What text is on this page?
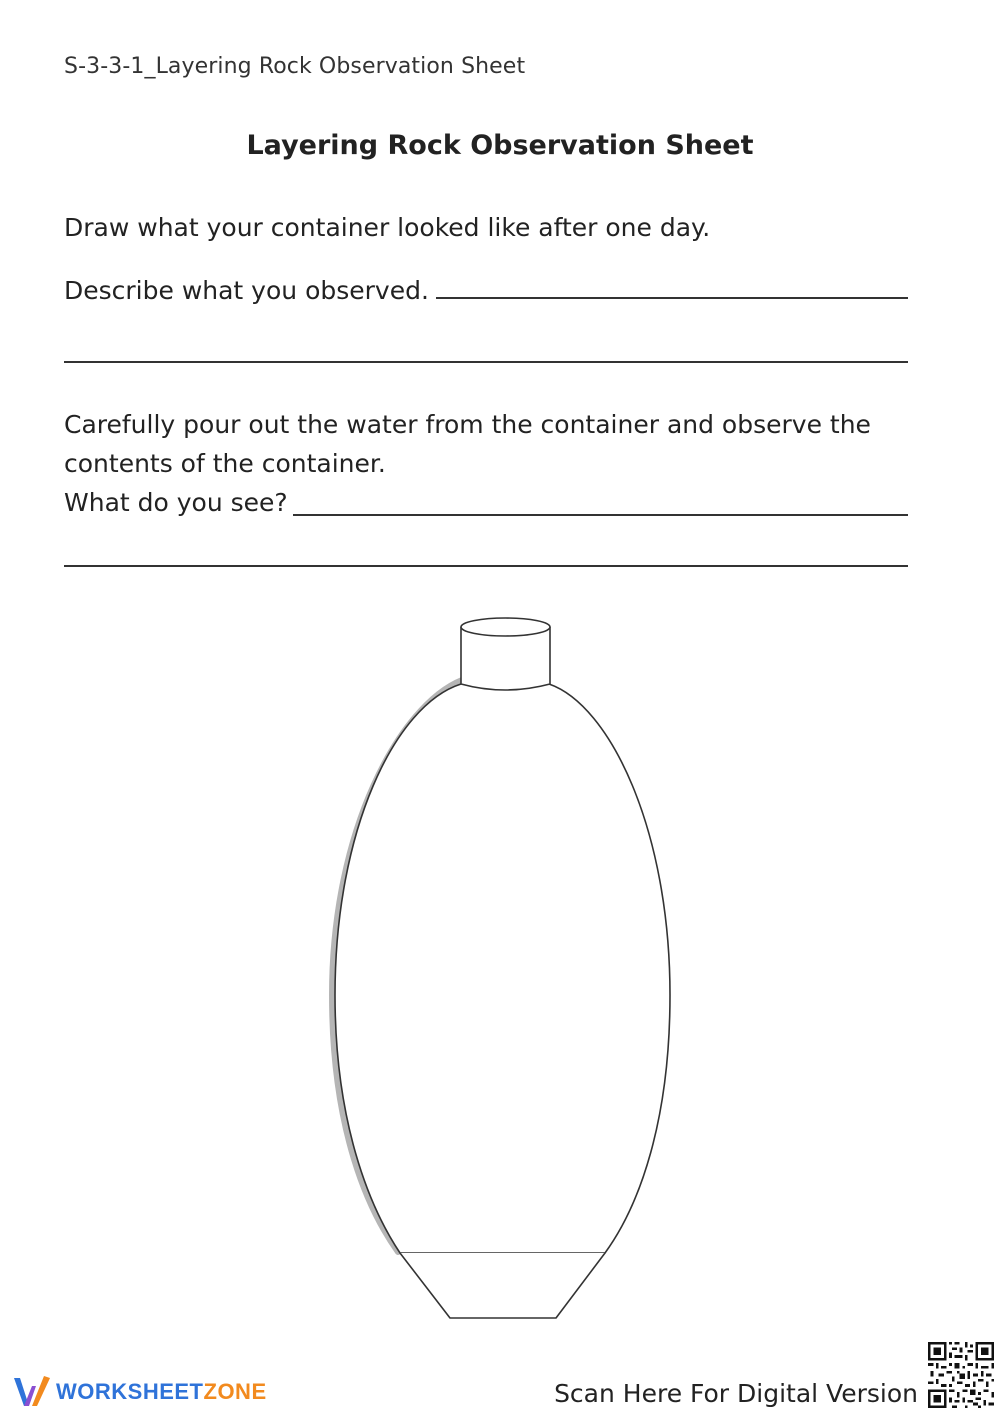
S-3-3-1_Layering Rock Observation Sheet
Layering Rock Observation Sheet
Draw what your container looked like after one day.
Describe what you observed.
Carefully pour out the water from the container and observe the contents of the container.
What do you see?
WORKSHEETZONE	Scan Here For Digital Version
